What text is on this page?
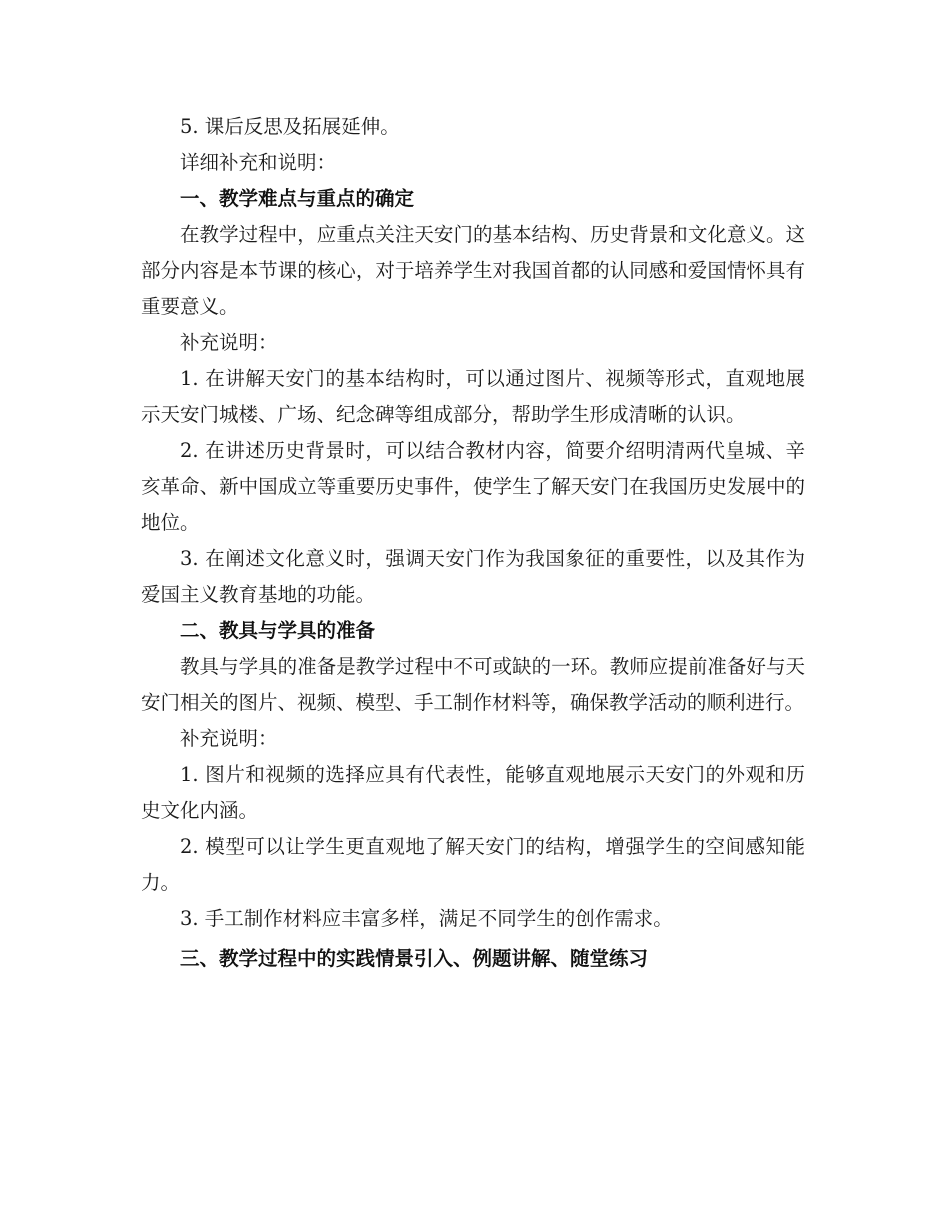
5. 课后反思及拓展延伸。

详细补充和说明：

一、教学难点与重点的确定

在教学过程中，应重点关注天安门的基本结构、历史背景和文化意义。这部分内容是本节课的核心，对于培养学生对我国首都的认同感和爱国情怀具有重要意义。

补充说明：

1. 在讲解天安门的基本结构时，可以通过图片、视频等形式，直观地展示天安门城楼、广场、纪念碑等组成部分，帮助学生形成清晰的认识。

2. 在讲述历史背景时，可以结合教材内容，简要介绍明清两代皇城、辛亥革命、新中国成立等重要历史事件，使学生了解天安门在我国历史发展中的地位。

3. 在阐述文化意义时，强调天安门作为我国象征的重要性，以及其作为爱国主义教育基地的功能。

二、教具与学具的准备

教具与学具的准备是教学过程中不可或缺的一环。教师应提前准备好与天安门相关的图片、视频、模型、手工制作材料等，确保教学活动的顺利进行。

补充说明：

1. 图片和视频的选择应具有代表性，能够直观地展示天安门的外观和历史文化内涵。

2. 模型可以让学生更直观地了解天安门的结构，增强学生的空间感知能力。

3. 手工制作材料应丰富多样，满足不同学生的创作需求。

三、教学过程中的实践情景引入、例题讲解、随堂练习
